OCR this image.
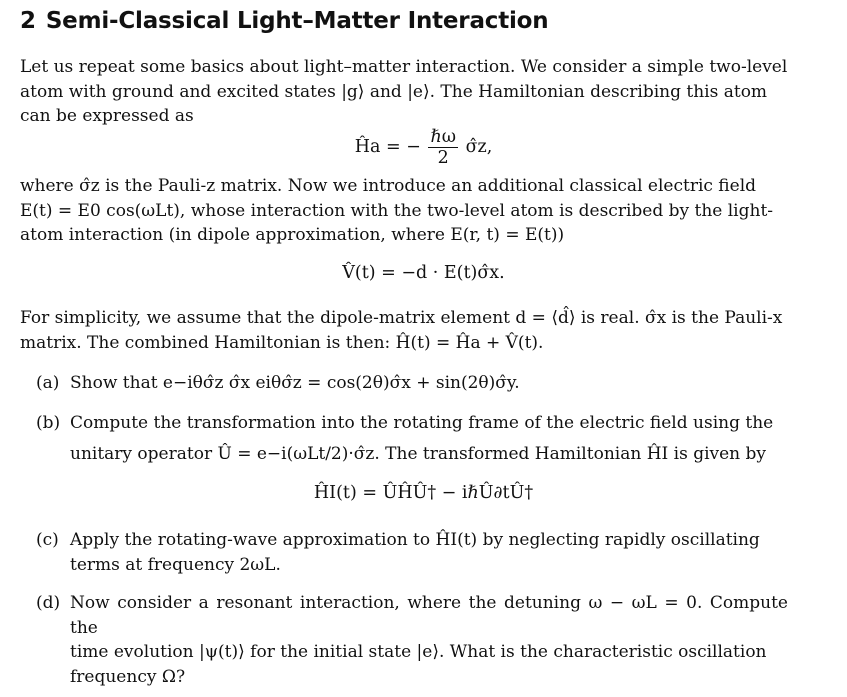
2 Semi-Classical Light–Matter Interaction
Let us repeat some basics about light–matter interaction. We consider a simple two-level
atom with ground and excited states |g⟩ and |e⟩. The Hamiltonian describing this atom
can be expressed as
Ĥa = − $\frac{\text{ℏω}}{2}$ σ̂z,
where σ̂z is the Pauli-z matrix. Now we introduce an additional classical electric field
E(t) = E0 cos(ωLt), whose interaction with the two-level atom is described by the light-
atom interaction (in dipole approximation, where E(r, t) = E(t))
V̂(t) = −d · E(t)σ̂x.
For simplicity, we assume that the dipole-matrix element d = ⟨d̂⟩ is real. σ̂x is the Pauli-x
matrix. The combined Hamiltonian is then: Ĥ(t) = Ĥa + V̂(t).
(a) Show that e−iθσ̂z σ̂x eiθσ̂z = cos(2θ)σ̂x + sin(2θ)σ̂y.
(b) Compute the transformation into the rotating frame of the electric field using the
unitary operator Û = e−i(ωLt/2)·σ̂z. The transformed Hamiltonian ĤI is given by
ĤI(t) = ÛĤÛ† − iℏÛ∂tÛ†
(c) Apply the rotating-wave approximation to ĤI(t) by neglecting rapidly oscillating
terms at frequency 2ωL.
(d) Now consider a resonant interaction, where the detuning ω − ωL = 0. Compute the
time evolution |ψ(t)⟩ for the initial state |e⟩. What is the characteristic oscillation
frequency Ω?
